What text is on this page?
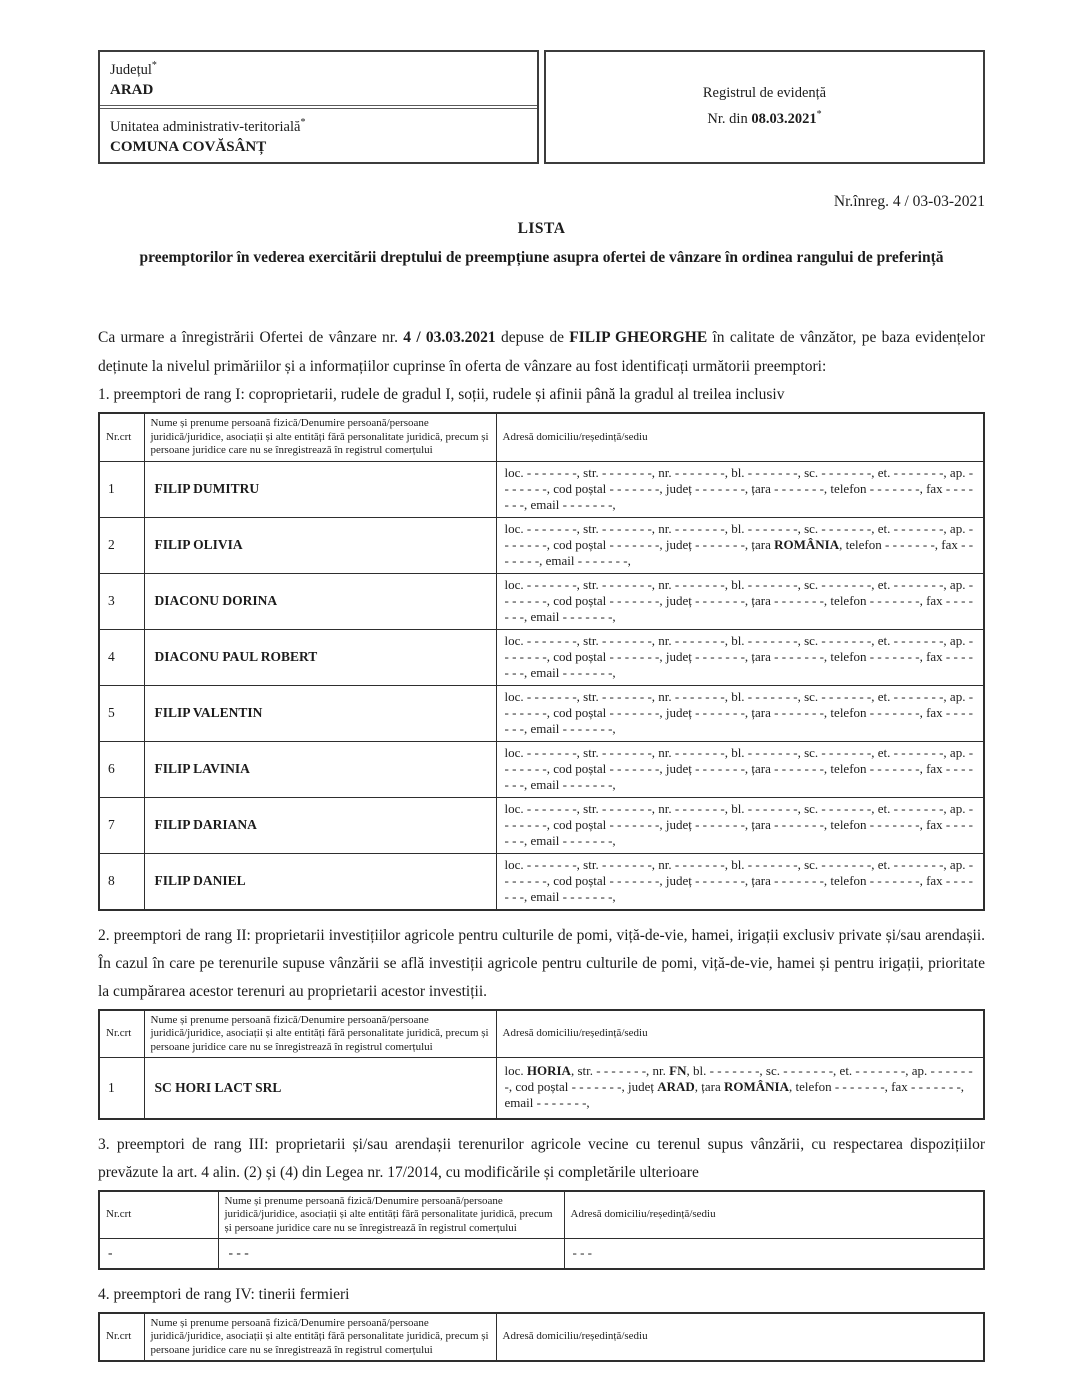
Județul*
ARAD
Unitatea administrativ-teritorială*
COMUNA COVĂSÂNȚ
Registrul de evidență
Nr. din 08.03.2021*
Nr.înreg. 4 / 03-03-2021
LISTA
preemptorilor în vederea exercitării dreptului de preempțiune asupra ofertei de vânzare în ordinea rangului de preferință
Ca urmare a înregistrării Ofertei de vânzare nr. 4 / 03.03.2021 depuse de FILIP GHEORGHE în calitate de vânzător, pe baza evidențelor deținute la nivelul primăriilor și a informațiilor cuprinse în oferta de vânzare au fost identificați următorii preemptori:
1. preemptori de rang I: coproprietarii, rudele de gradul I, soții, rudele și afinii până la gradul al treilea inclusiv
Nr.crt	Nume și prenume persoană fizică/Denumire persoană/persoane juridică/juridice, asociații și alte entități fără personalitate juridică, precum și persoane juridice care nu se înregistrează în registrul comerțului	Adresă domiciliu/reședință/sediu
1	FILIP DUMITRU	loc. - - - - - - -, str. - - - - - - -, nr. - - - - - - -, bl. - - - - - - -, sc. - - - - - - -, et. - - - - - - -, ap. - - - - - - -, cod poștal - - - - - - -, județ - - - - - - -, țara - - - - - - -, telefon - - - - - - -, fax - - - - - - -, email - - - - - - -,
2	FILIP OLIVIA	loc. - - - - - - -, str. - - - - - - -, nr. - - - - - - -, bl. - - - - - - -, sc. - - - - - - -, et. - - - - - - -, ap. - - - - - - -, cod poștal - - - - - - -, județ - - - - - - -, țara ROMÂNIA, telefon - - - - - - -, fax - - - - - - -, email - - - - - - -,
3	DIACONU DORINA	loc. - - - - - - -, str. - - - - - - -, nr. - - - - - - -, bl. - - - - - - -, sc. - - - - - - -, et. - - - - - - -, ap. - - - - - - -, cod poștal - - - - - - -, județ - - - - - - -, țara - - - - - - -, telefon - - - - - - -, fax - - - - - - -, email - - - - - - -,
4	DIACONU PAUL ROBERT	loc. - - - - - - -, str. - - - - - - -, nr. - - - - - - -, bl. - - - - - - -, sc. - - - - - - -, et. - - - - - - -, ap. - - - - - - -, cod poștal - - - - - - -, județ - - - - - - -, țara - - - - - - -, telefon - - - - - - -, fax - - - - - - -, email - - - - - - -,
5	FILIP VALENTIN	loc. - - - - - - -, str. - - - - - - -, nr. - - - - - - -, bl. - - - - - - -, sc. - - - - - - -, et. - - - - - - -, ap. - - - - - - -, cod poștal - - - - - - -, județ - - - - - - -, țara - - - - - - -, telefon - - - - - - -, fax - - - - - - -, email - - - - - - -,
6	FILIP LAVINIA	loc. - - - - - - -, str. - - - - - - -, nr. - - - - - - -, bl. - - - - - - -, sc. - - - - - - -, et. - - - - - - -, ap. - - - - - - -, cod poștal - - - - - - -, județ - - - - - - -, țara - - - - - - -, telefon - - - - - - -, fax - - - - - - -, email - - - - - - -,
7	FILIP DARIANA	loc. - - - - - - -, str. - - - - - - -, nr. - - - - - - -, bl. - - - - - - -, sc. - - - - - - -, et. - - - - - - -, ap. - - - - - - -, cod poștal - - - - - - -, județ - - - - - - -, țara - - - - - - -, telefon - - - - - - -, fax - - - - - - -, email - - - - - - -,
8	FILIP DANIEL	loc. - - - - - - -, str. - - - - - - -, nr. - - - - - - -, bl. - - - - - - -, sc. - - - - - - -, et. - - - - - - -, ap. - - - - - - -, cod poștal - - - - - - -, județ - - - - - - -, țara - - - - - - -, telefon - - - - - - -, fax - - - - - - -, email - - - - - - -,
2. preemptori de rang II: proprietarii investițiilor agricole pentru culturile de pomi, viță-de-vie, hamei, irigații exclusiv private și/sau arendașii. În cazul în care pe terenurile supuse vânzării se află investiții agricole pentru culturile de pomi, viță-de-vie, hamei și pentru irigații, prioritate la cumpărarea acestor terenuri au proprietarii acestor investiții.
Nr.crt	Nume și prenume persoană fizică/Denumire persoană/persoane juridică/juridice, asociații și alte entități fără personalitate juridică, precum și persoane juridice care nu se înregistrează în registrul comerțului	Adresă domiciliu/reședință/sediu
1	SC HORI LACT SRL	loc. HORIA, str. - - - - - - -, nr. FN, bl. - - - - - - -, sc. - - - - - - -, et. - - - - - - -, ap. - - - - - - -, cod poștal - - - - - - -, județ ARAD, țara ROMÂNIA, telefon - - - - - - -, fax - - - - - - -, email - - - - - - -,
3. preemptori de rang III: proprietarii și/sau arendașii terenurilor agricole vecine cu terenul supus vânzării, cu respectarea dispozițiilor prevăzute la art. 4 alin. (2) și (4) din Legea nr. 17/2014, cu modificările și completările ulterioare
Nr.crt	Nume și prenume persoană fizică/Denumire persoană/persoane juridică/juridice, asociații și alte entități fără personalitate juridică, precum și persoane juridice care nu se înregistrează în registrul comerțului	Adresă domiciliu/reședință/sediu
-	- - -	- - -
4. preemptori de rang IV: tinerii fermieri
Nr.crt	Nume și prenume persoană fizică/Denumire persoană/persoane juridică/juridice, asociații și alte entități fără personalitate juridică, precum și persoane juridice care nu se înregistrează în registrul comerțului	Adresă domiciliu/reședință/sediu
